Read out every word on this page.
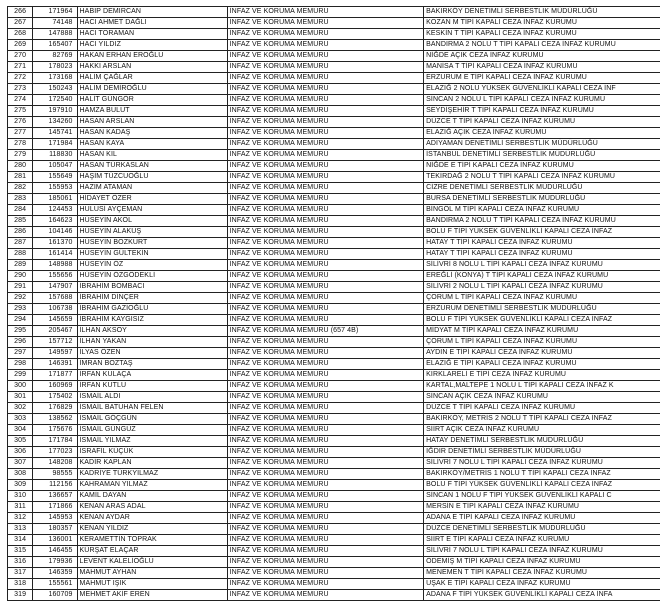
266	171964	HABIP DEMIRCAN	İNFAZ VE KORUMA MEMURU	BAKIRKÖY DENETIMLI SERBESTLIK MÜDÜRLÜĞÜ
267	74148	HACI AHMET DAĞLI	İNFAZ VE KORUMA MEMURU	KOZAN M TİPİ KAPALI CEZA İNFAZ KURUMU
268	147888	HACI TORAMAN	İNFAZ VE KORUMA MEMURU	KESKİN T TİPİ KAPALI CEZA İNFAZ KURUMU
269	165407	HACI YILDIZ	İNFAZ VE KORUMA MEMURU	BANDIRMA 2 NOLU T TİPİ KAPALI CEZA İNFAZ KURUMU
270	82769	HAKAN ERHAN EROĞLU	İNFAZ VE KORUMA MEMURU	NİĞDE AÇIK CEZA İNFAZ KURUMU
271	178023	HAKKI ARSLAN	İNFAZ VE KORUMA MEMURU	MANİSA T TİPİ KAPALI CEZA İNFAZ KURUMU
272	173168	HALİM ÇAĞLAR	İNFAZ VE KORUMA MEMURU	ERZURUM E TİPİ KAPALI CEZA İNFAZ KURUMU
273	150243	HALİM DEMİROĞLU	İNFAZ VE KORUMA MEMURU	ELAZIĞ 2 NOLU YÜKSEK GÜVENLİKLİ KAPALI CEZA İNF
274	172540	HALİT GÜNGÖR	İNFAZ VE KORUMA MEMURU	SİNCAN 2 NOLU L TİPİ KAPALI CEZA İNFAZ KURUMU
275	197910	HAMZA BULUT	İNFAZ VE KORUMA MEMURU	SEYDİŞEHİR T TİPİ KAPALI CEZA İNFAZ KURUMU
276	134260	HASAN ARSLAN	İNFAZ VE KORUMA MEMURU	DÜZCE T TİPİ KAPALI CEZA İNFAZ KURUMU
277	145741	HASAN KADAŞ	İNFAZ VE KORUMA MEMURU	ELAZIĞ AÇIK CEZA İNFAZ KURUMU
278	171984	HASAN KAYA	İNFAZ VE KORUMA MEMURU	ADIYAMAN DENETİMLİ SERBESTLİK MÜDÜRLÜĞÜ
279	118830	HASAN KIL	İNFAZ VE KORUMA MEMURU	İSTANBUL DENETİMLİ SERBESTLİK MÜDÜRLÜĞÜ
280	105047	HASAN TÜRKASLAN	İNFAZ VE KORUMA MEMURU	NİĞDE E TİPİ KAPALI CEZA İNFAZ KURUMU
281	155649	HAŞİM TÜZCUOĞLU	İNFAZ VE KORUMA MEMURU	TEKİRDAĞ 2 NOLU T TİPİ KAPALI CEZA İNFAZ KURUMU
282	155953	HAZIM ATAMAN	İNFAZ VE KORUMA MEMURU	CİZRE DENETİMLİ SERBESTLİK MÜDÜRLÜĞÜ
283	185061	HİDAYET ÖZER	İNFAZ VE KORUMA MEMURU	BURSA DENETİMLİ SERBESTLİK MÜDÜRLÜĞÜ
284	124453	HULUSİ AYÇEMAN	İNFAZ VE KORUMA MEMURU	BİNGÖL M TİPİ KAPALI CEZA İNFAZ KURUMU
285	164623	HÜSEYİN AKOL	İNFAZ VE KORUMA MEMURU	BANDIRMA 2 NOLU T TİPİ KAPALI CEZA İNFAZ KURUMU
286	104146	HÜSEYİN ALAKUŞ	İNFAZ VE KORUMA MEMURU	BOLU F TİPİ YÜKSEK GÜVENLİKLİ KAPALI CEZA İNFAZ
287	161370	HÜSEYİN BOZKURT	İNFAZ VE KORUMA MEMURU	HATAY T TİPİ KAPALI CEZA İNFAZ KURUMU
288	161414	HÜSEYİN GÜLTEKİN	İNFAZ VE KORUMA MEMURU	HATAY T TİPİ KAPALI CEZA İNFAZ KURUMU
289	148988	HÜSEYİN ÖZ	İNFAZ VE KORUMA MEMURU	SİLİVRİ 8 NOLU L TİPİ KAPALI CEZA İNFAZ KURUMU
290	155656	HÜSEYİN ÖZGÖDEKLİ	İNFAZ VE KORUMA MEMURU	EREĞLİ (KONYA) T TİPİ KAPALI CEZA İNFAZ KURUMU
291	147907	İBRAHİM BOMBACI	İNFAZ VE KORUMA MEMURU	SİLİVRİ 2 NOLU L TİPİ KAPALI CEZA İNFAZ KURUMU
292	157688	İBRAHİM DİNÇER	İNFAZ VE KORUMA MEMURU	ÇORUM L TİPİ KAPALI CEZA İNFAZ KURUMU
293	106738	İBRAHİM GAZİOĞLU	İNFAZ VE KORUMA MEMURU	ERZURUM DENETİMLİ SERBESTLİK MÜDÜRLÜĞÜ
294	145659	İBRAHİM KAYGISIZ	İNFAZ VE KORUMA MEMURU	BOLU F TİPİ YÜKSEK GÜVENLİKLİ KAPALI CEZA İNFAZ
295	205467	İLHAN AKSOY	İNFAZ VE KORUMA MEMURU (657 4B)	MİDYAT M TİPİ KAPALI CEZA İNFAZ KURUMU
296	157712	İLHAN YAKAN	İNFAZ VE KORUMA MEMURU	ÇORUM L TİPİ KAPALI CEZA İNFAZ KURUMU
297	149597	İLYAS ÖZEN	İNFAZ VE KORUMA MEMURU	AYDIN E TİPİ KAPALI CEZA İNFAZ KURUMU
298	146391	İMRAN BOZTAŞ	İNFAZ VE KORUMA MEMURU	ELAZIĞ E TİPİ KAPALI CEZA İNFAZ KURUMU
299	171877	İRFAN KULAÇA	İNFAZ VE KORUMA MEMURU	KIRKLARELİ E TİPİ CEZA İNFAZ KURUMU
300	160969	İRFAN KUTLU	İNFAZ VE KORUMA MEMURU	KARTAL,MALTEPE 1 NOLU L TİPİ KAPALI CEZA İNFAZ K
301	175402	İSMAİL ALDI	İNFAZ VE KORUMA MEMURU	SİNCAN AÇIK CEZA İNFAZ KURUMU
302	176829	İSMAİL BATUHAN FELEN	İNFAZ VE KORUMA MEMURU	DÜZCE T TİPİ KAPALI CEZA İNFAZ KURUMU
303	138562	İSMAİL GÖÇGÜN	İNFAZ VE KORUMA MEMURU	BAKIRKÖY, METRİS 2 NOLU T TİPİ KAPALI CEZA İNFAZ
304	175676	İSMAİL GÜNGÜZ	İNFAZ VE KORUMA MEMURU	SİİRT AÇIK CEZA İNFAZ KURUMU
305	171784	İSMAİL YILMAZ	İNFAZ VE KORUMA MEMURU	HATAY DENETİMLİ SERBESTLİK MÜDÜRLÜĞÜ
306	177023	İSRAFİL KÜÇÜK	İNFAZ VE KORUMA MEMURU	IĞDIR DENETİMLİ SERBESTLİK MÜDÜRLÜĞÜ
307	148208	KADİR KAPLAN	İNFAZ VE KORUMA MEMURU	SİLİVRİ 7 NOLU L TİPİ KAPALI CEZA İNFAZ KURUMU
308	98555	KADRİYE TÜRKYILMAZ	İNFAZ VE KORUMA MEMURU	BAKIRKÖY/METRİS 1 NOLU T TİPİ KAPALI CEZA İNFAZ
309	112156	KAHRAMAN YILMAZ	İNFAZ VE KORUMA MEMURU	BOLU F TİPİ YÜKSEK GÜVENLİKLİ KAPALI CEZA İNFAZ
310	136657	KAMİL DAYAN	İNFAZ VE KORUMA MEMURU	SİNCAN 1 NOLU F TİPİ YÜKSEK GÜVENLİKLİ KAPALI C
311	171866	KENAN ARAS ADAL	İNFAZ VE KORUMA MEMURU	MERSİN E TİPİ KAPALI CEZA İNFAZ KURUMU
312	145953	KENAN AYDAR	İNFAZ VE KORUMA MEMURU	ADANA E TİPİ KAPALI CEZA İNFAZ KURUMU
313	180357	KENAN YILDIZ	İNFAZ VE KORUMA MEMURU	DÜZCE DENETİMLİ SERBESTLİK MÜDÜRLÜĞÜ
314	136001	KERAMETTİN TOPRAK	İNFAZ VE KORUMA MEMURU	SİİRT E TİPİ KAPALI CEZA İNFAZ KURUMU
315	146455	KÜRŞAT ELAÇAR	İNFAZ VE KORUMA MEMURU	SİLİVRİ 7 NOLU L TİPİ KAPALI CEZA İNFAZ KURUMU
316	179936	LEVENT KALELİOĞLU	İNFAZ VE KORUMA MEMURU	ÖDEMİŞ M TİPİ KAPALI CEZA İNFAZ KURUMU
317	146359	MAHMUT AYHAN	İNFAZ VE KORUMA MEMURU	MENEMEN T TİPİ KAPALI CEZA İNFAZ KURUMU
318	155561	MAHMUT IŞIK	İNFAZ VE KORUMA MEMURU	UŞAK E TİPİ KAPALI CEZA İNFAZ KURUMU
319	160709	MEHMET AKİF EREN	İNFAZ VE KORUMA MEMURU	ADANA F TİPİ YÜKSEK GÜVENLİKLİ KAPALI CEZA İNFA
